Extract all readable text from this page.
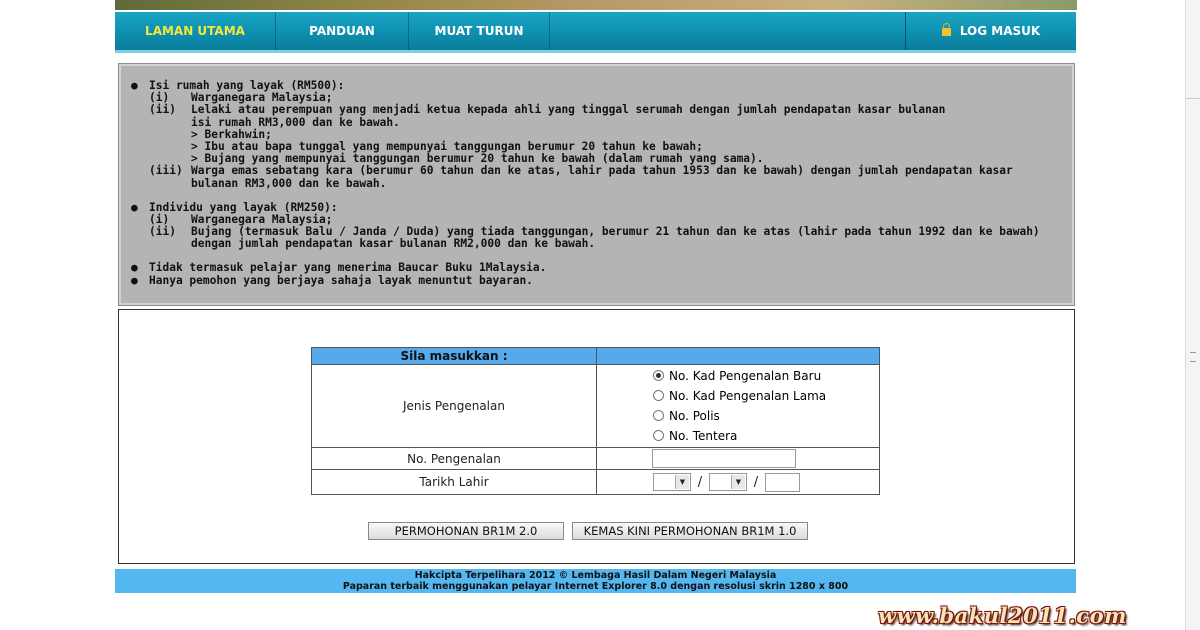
LAMAN UTAMA	PANDUAN	MUAT TURUN	LOG MASUK
● Isi rumah yang layak (RM500):
(i) Warganegara Malaysia;
(ii) Lelaki atau perempuan yang menjadi ketua kepada ahli yang tinggal serumah dengan jumlah pendapatan kasar bulanan
isi rumah RM3,000 dan ke bawah.
> Berkahwin;
> Ibu atau bapa tunggal yang mempunyai tanggungan berumur 20 tahun ke bawah;
> Bujang yang mempunyai tanggungan berumur 20 tahun ke bawah (dalam rumah yang sama).
(iii) Warga emas sebatang kara (berumur 60 tahun dan ke atas, lahir pada tahun 1953 dan ke bawah) dengan jumlah pendapatan kasar
bulanan RM3,000 dan ke bawah.
● Individu yang layak (RM250):
(i) Warganegara Malaysia;
(ii) Bujang (termasuk Balu / Janda / Duda) yang tiada tanggungan, berumur 21 tahun dan ke atas (lahir pada tahun 1992 dan ke bawah)
dengan jumlah pendapatan kasar bulanan RM2,000 dan ke bawah.
● Tidak termasuk pelajar yang menerima Baucar Buku 1Malaysia.
● Hanya pemohon yang berjaya sahaja layak menuntut bayaran.
Sila masukkan :	
Jenis Pengenalan	No. Kad Pengenalan Baru
No. Kad Pengenalan Lama
No. Polis
No. Tentera

No. Pengenalan	
Tarikh Lahir	▼ / ▼ /
PERMOHONAN BR1M 2.0	KEMAS KINI PERMOHONAN BR1M 1.0
Hakcipta Terpelihara 2012 © Lembaga Hasil Dalam Negeri Malaysia
Paparan terbaik menggunakan pelayar Internet Explorer 8.0 dengan resolusi skrin 1280 x 800
www.bakul2011.com
